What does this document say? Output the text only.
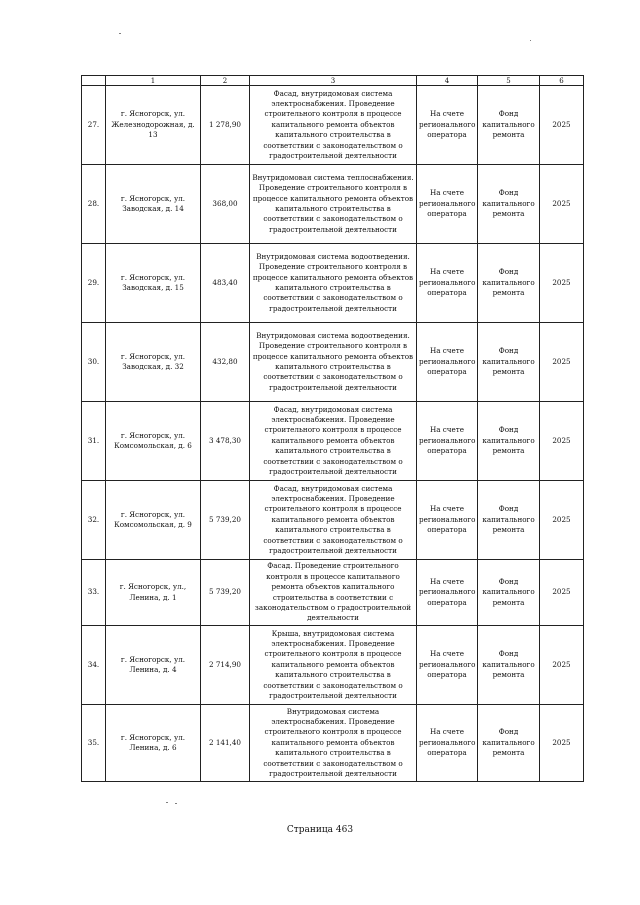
	1	2	3	4	5	6
27.	г. Ясногорск, ул. Железнодорожная, д. 13	1 278,90	Фасад, внутридомовая система электроснабжения. Проведение строительного контроля в процессе капитального ремонта объектов капитального строительства в соответствии с законодательством о градостроительной деятельности	На счете регионального оператора	Фонд капитального ремонта	2025
28.	г. Ясногорск, ул. Заводская, д. 14	368,00	Внутридомовая система теплоснабжения. Проведение строительного контроля в процессе капитального ремонта объектов капитального строительства в соответствии с законодательством о градостроительной деятельности	На счете регионального оператора	Фонд капитального ремонта	2025
29.	г. Ясногорск, ул. Заводская, д. 15	483,40	Внутридомовая система водоотведения. Проведение строительного контроля в процессе капитального ремонта объектов капитального строительства в соответствии с законодательством о градостроительной деятельности	На счете регионального оператора	Фонд капитального ремонта	2025
30.	г. Ясногорск, ул. Заводская, д. 32	432,80	Внутридомовая система водоотведения. Проведение строительного контроля в процессе капитального ремонта объектов капитального строительства в соответствии с законодательством о градостроительной деятельности	На счете регионального оператора	Фонд капитального ремонта	2025
31.	г. Ясногорск, ул. Комсомольская, д. 6	3 478,30	Фасад, внутридомовая система электроснабжения. Проведение строительного контроля в процессе капитального ремонта объектов капитального строительства в соответствии с законодательством о градостроительной деятельности	На счете регионального оператора	Фонд капитального ремонта	2025
32.	г. Ясногорск, ул. Комсомольская, д. 9	5 739,20	Фасад, внутридомовая система электроснабжения. Проведение строительного контроля в процессе капитального ремонта объектов капитального строительства в соответствии с законодательством о градостроительной деятельности	На счете регионального оператора	Фонд капитального ремонта	2025
33.	г. Ясногорск, ул., Ленина, д. 1	5 739,20	Фасад. Проведение строительного контроля в процессе капитального ремонта объектов капитального строительства в соответствии с законодательством о градостроительной деятельности	На счете регионального оператора	Фонд капитального ремонта	2025
34.	г. Ясногорск, ул. Ленина, д. 4	2 714,90	Крыша, внутридомовая система электроснабжения. Проведение строительного контроля в процессе капитального ремонта объектов капитального строительства в соответствии с законодательством о градостроительной деятельности	На счете регионального оператора	Фонд капитального ремонта	2025
35.	г. Ясногорск, ул. Ленина, д. 6	2 141,40	Внутридомовая система электроснабжения. Проведение строительного контроля в процессе капитального ремонта объектов капитального строительства в соответствии с законодательством о градостроительной деятельности	На счете регионального оператора	Фонд капитального ремонта	2025
Страница 463
